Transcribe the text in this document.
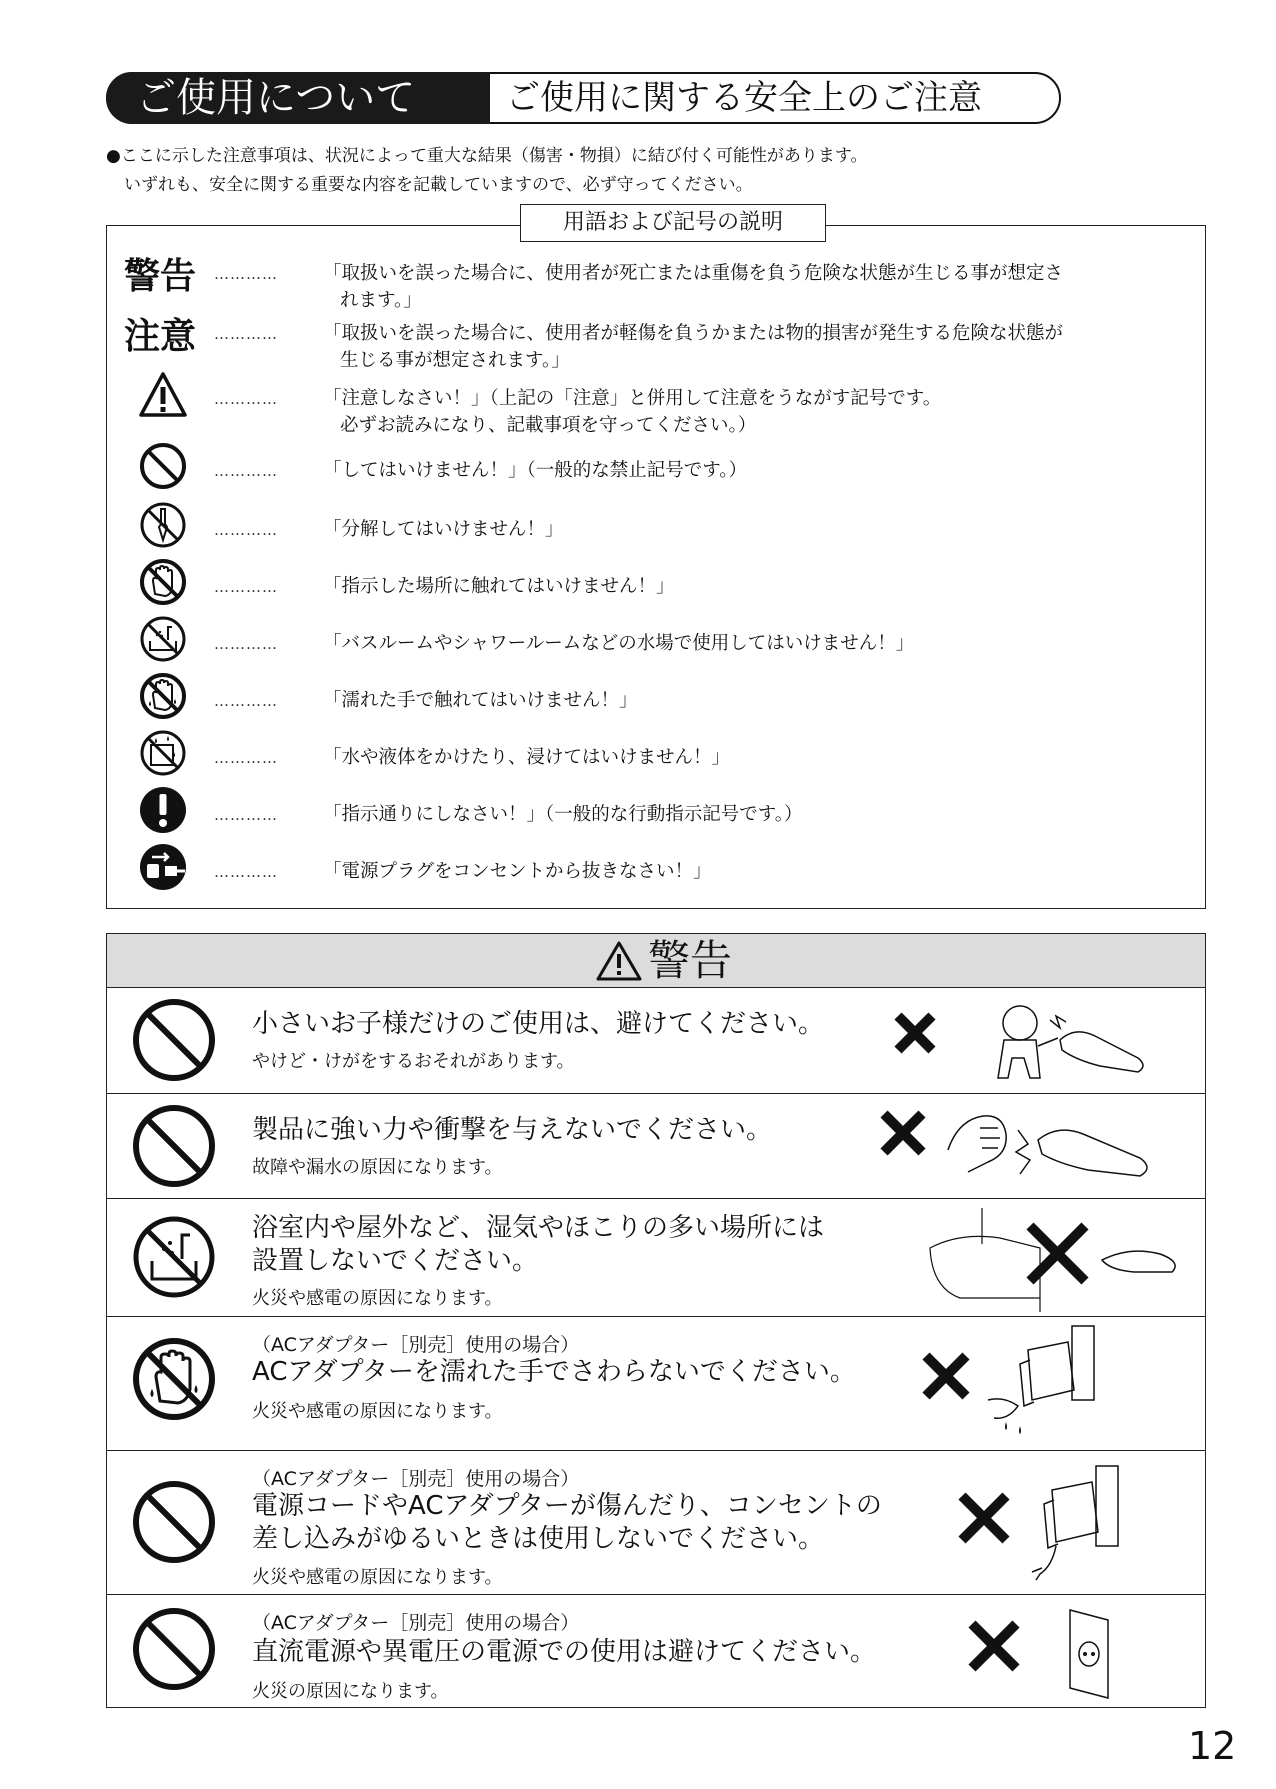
ご使用について	ご使用に関する安全上のご注意
●ここに示した注意事項は、状況によって重大な結果（傷害・物損）に結び付く可能性があります。
いずれも、安全に関する重要な内容を記載していますので、必ず守ってください。
用語および記号の説明
警告 ………… 「取扱いを誤った場合に、使用者が死亡または重傷を負う危険な状態が生じる事が想定さ
れます。」
注意 ………… 「取扱いを誤った場合に、使用者が軽傷を負うかまたは物的損害が発生する危険な状態が
生じる事が想定されます。」
………… 「注意しなさい！」（上記の「注意」と併用して注意をうながす記号です。
必ずお読みになり、記載事項を守ってください。）
………… 「してはいけません！」（一般的な禁止記号です。）
………… 「分解してはいけません！」
………… 「指示した場所に触れてはいけません！」
………… 「バスルームやシャワールームなどの水場で使用してはいけません！」
………… 「濡れた手で触れてはいけません！」
………… 「水や液体をかけたり、浸けてはいけません！」
………… 「指示通りにしなさい！」（一般的な行動指示記号です。）
………… 「電源プラグをコンセントから抜きなさい！」
警告
小さいお子様だけのご使用は、避けてください。
やけど・けがをするおそれがあります。
製品に強い力や衝撃を与えないでください。
故障や漏水の原因になります。
浴室内や屋外など、湿気やほこりの多い場所には
設置しないでください。
火災や感電の原因になります。
（ACアダプター［別売］使用の場合）
ACアダプターを濡れた手でさわらないでください。
火災や感電の原因になります。
（ACアダプター［別売］使用の場合）
電源コードやACアダプターが傷んだり、コンセントの
差し込みがゆるいときは使用しないでください。
火災や感電の原因になります。
（ACアダプター［別売］使用の場合）
直流電源や異電圧の電源での使用は避けてください。
火災の原因になります。
12
